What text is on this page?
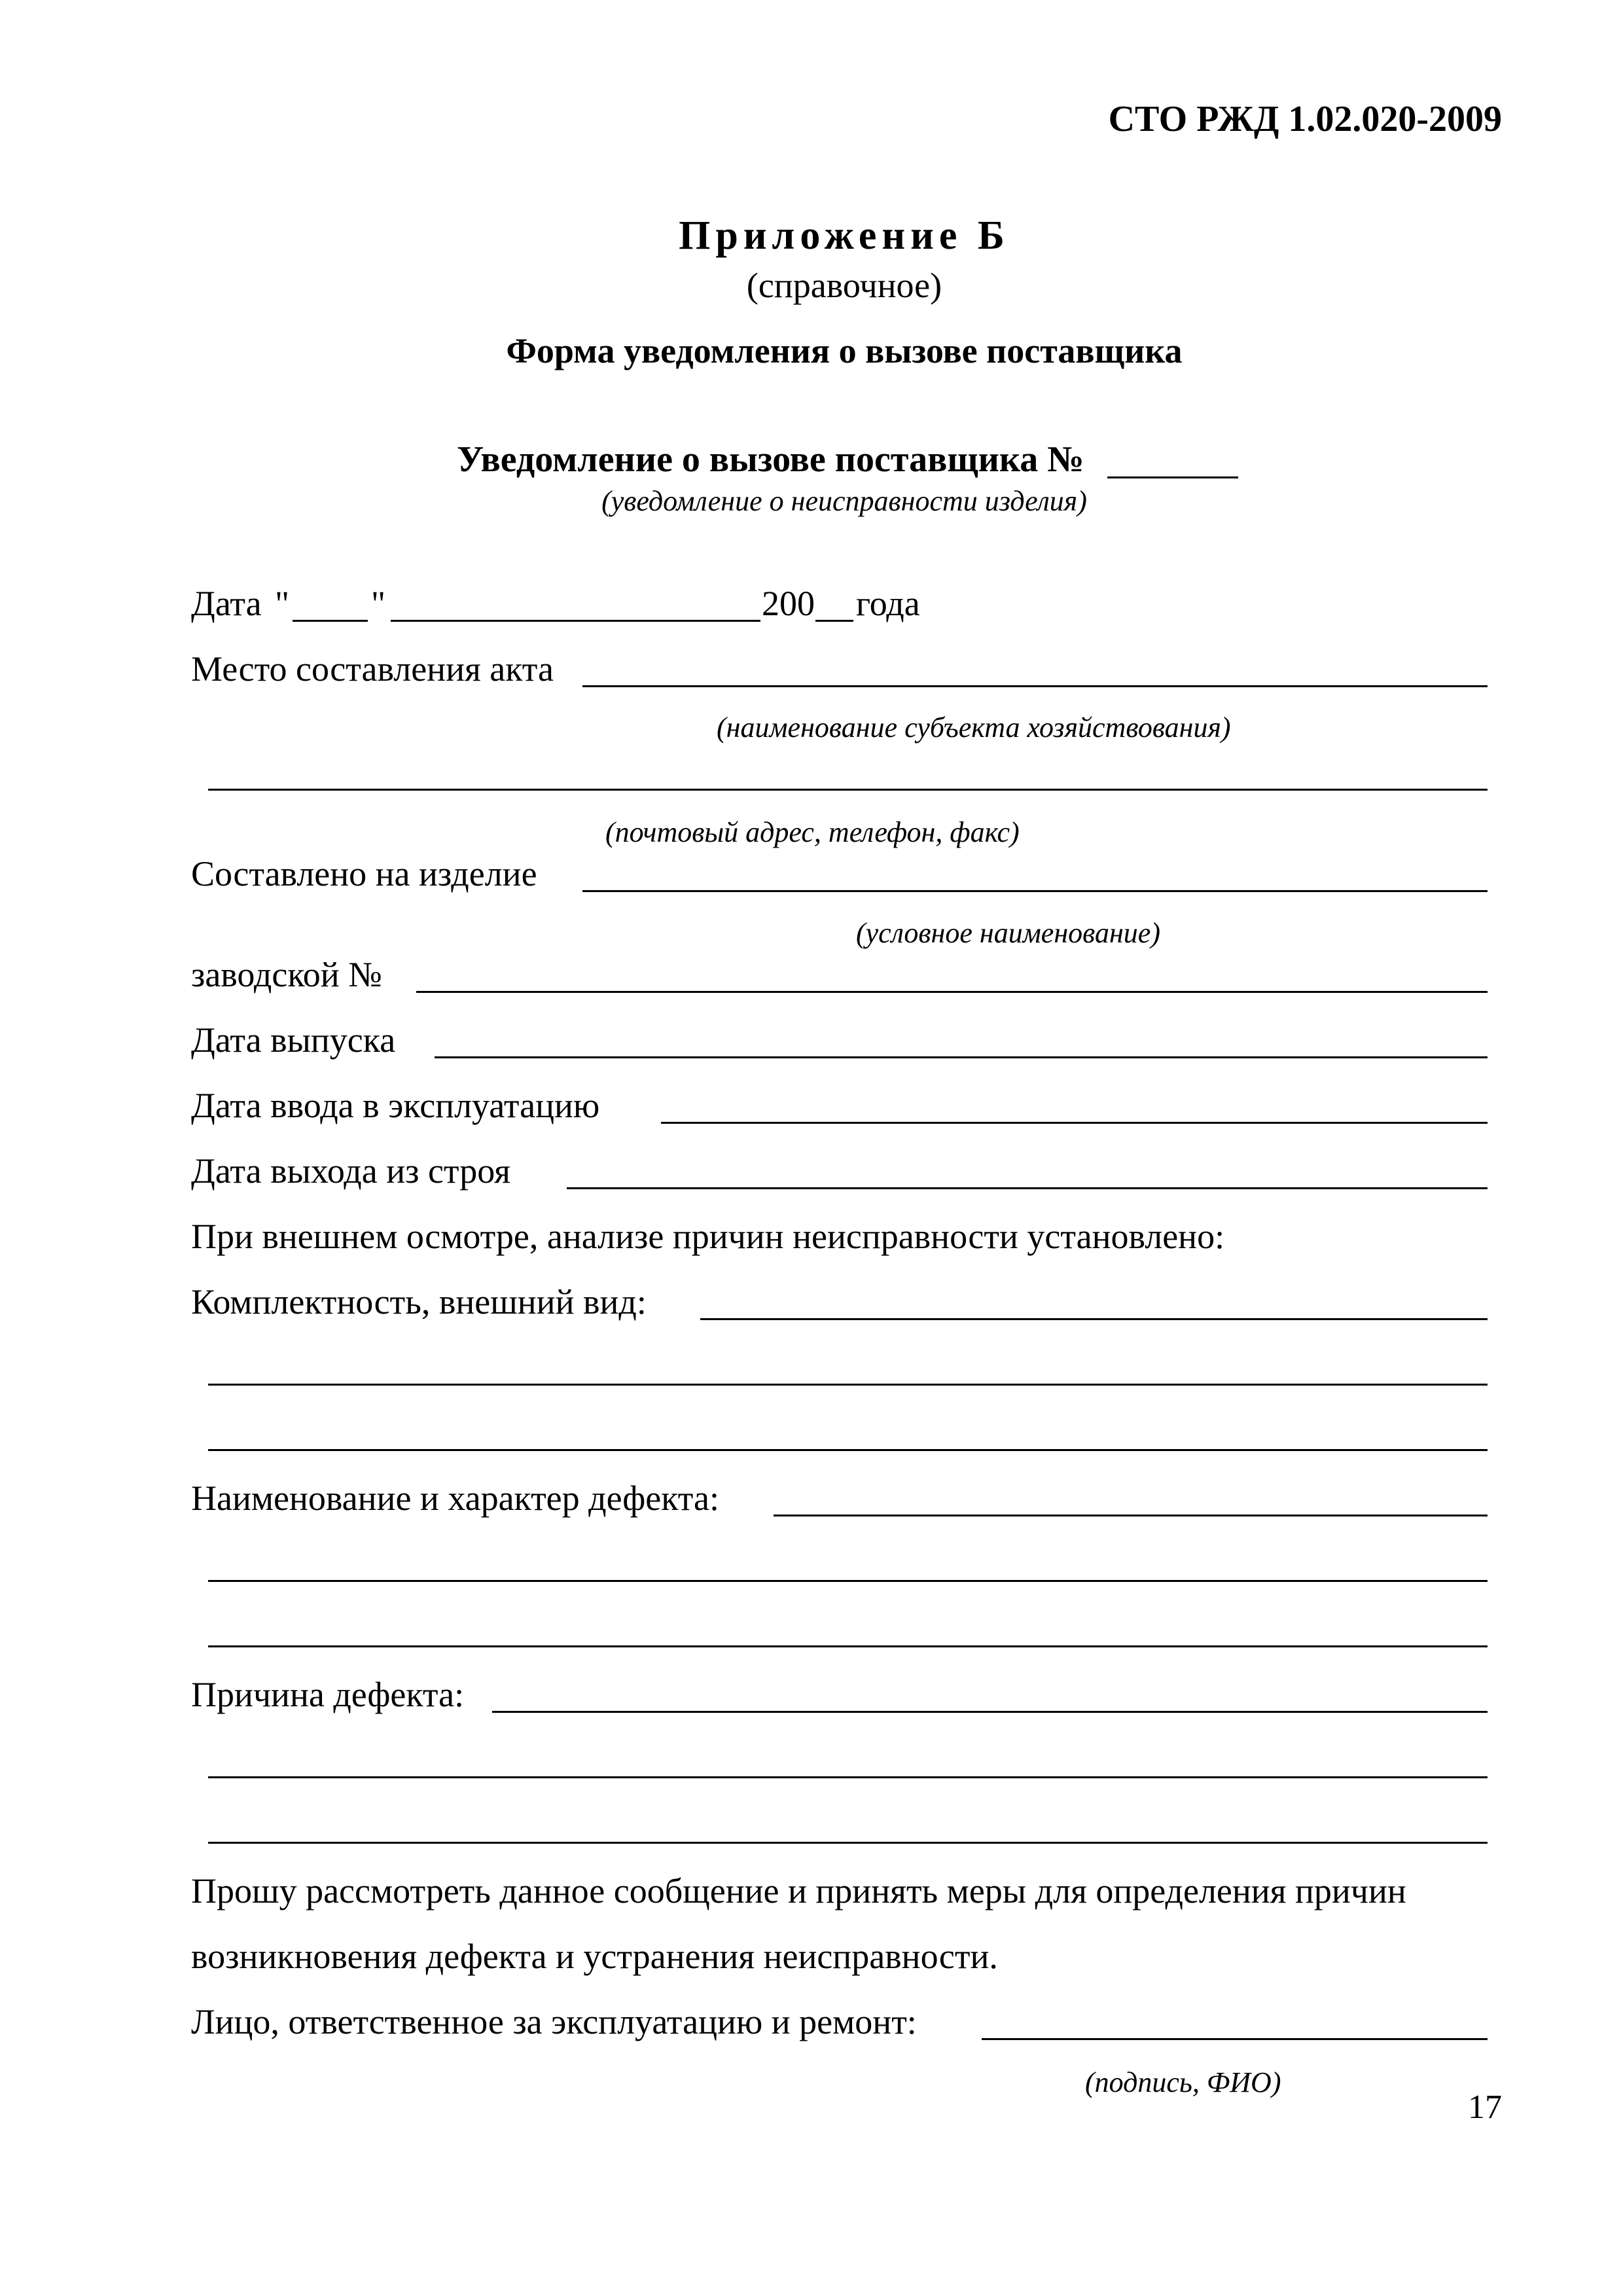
СТО РЖД 1.02.020-2009
Приложение Б
(справочное)
Форма уведомления о вызове поставщика
Уведомление о вызове поставщика №
(уведомление о неисправности изделия)
Дата " "	200 года
Место составления акта
(наименование субъекта хозяйствования)
(почтовый адрес, телефон, факс)
Составлено на изделие
(условное наименование)
заводской №
Дата выпуска
Дата ввода в эксплуатацию
Дата выхода из строя
При внешнем осмотре, анализе причин неисправности установлено:
Комплектность, внешний вид:
Наименование и характер дефекта:
Причина дефекта:
Прошу рассмотреть данное сообщение и принять меры для определения причин
возникновения дефекта и устранения неисправности.
Лицо, ответственное за эксплуатацию и ремонт:
(подпись, ФИО)
17
